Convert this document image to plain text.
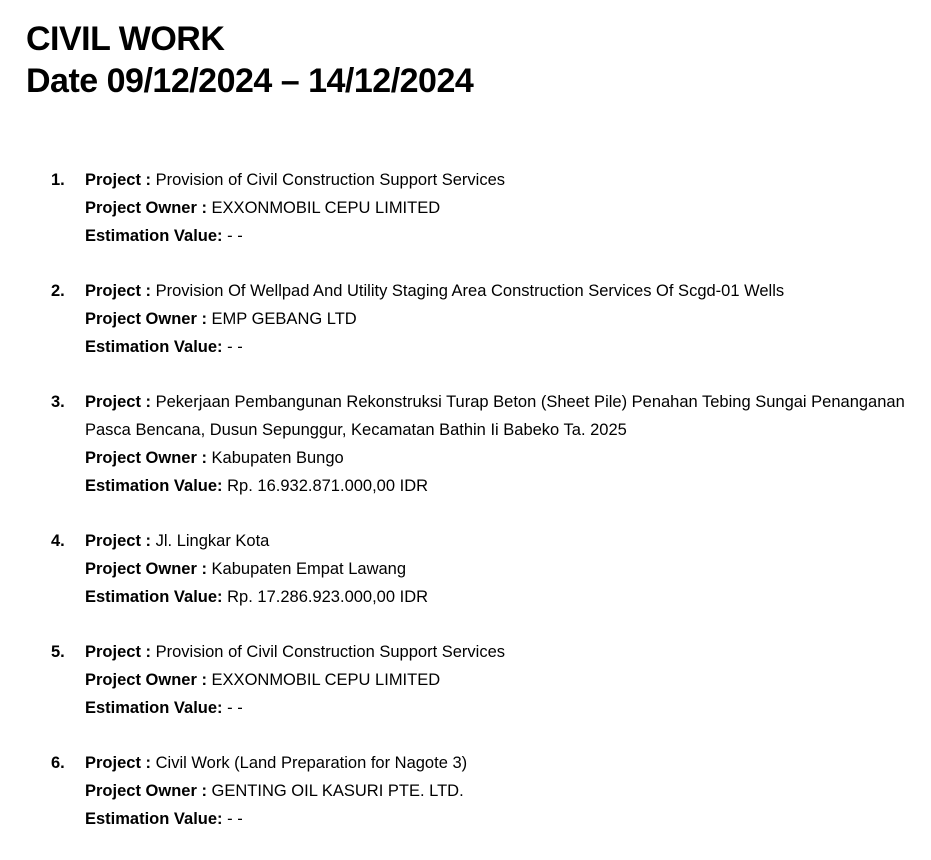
CIVIL WORK
Date 09/12/2024 – 14/12/2024
1. Project : Provision of Civil Construction Support Services
Project Owner : EXXONMOBIL CEPU LIMITED
Estimation Value: - -
2. Project : Provision Of Wellpad And Utility Staging Area Construction Services Of Scgd-01 Wells
Project Owner : EMP GEBANG LTD
Estimation Value: - -
3. Project : Pekerjaan Pembangunan Rekonstruksi Turap Beton (Sheet Pile) Penahan Tebing Sungai Penanganan Pasca Bencana, Dusun Sepunggur, Kecamatan Bathin Ii Babeko Ta. 2025
Project Owner : Kabupaten Bungo
Estimation Value: Rp. 16.932.871.000,00 IDR
4. Project : Jl. Lingkar Kota
Project Owner : Kabupaten Empat Lawang
Estimation Value: Rp. 17.286.923.000,00 IDR
5. Project : Provision of Civil Construction Support Services
Project Owner : EXXONMOBIL CEPU LIMITED
Estimation Value: - -
6. Project : Civil Work (Land Preparation for Nagote 3)
Project Owner : GENTING OIL KASURI PTE. LTD.
Estimation Value: - -
